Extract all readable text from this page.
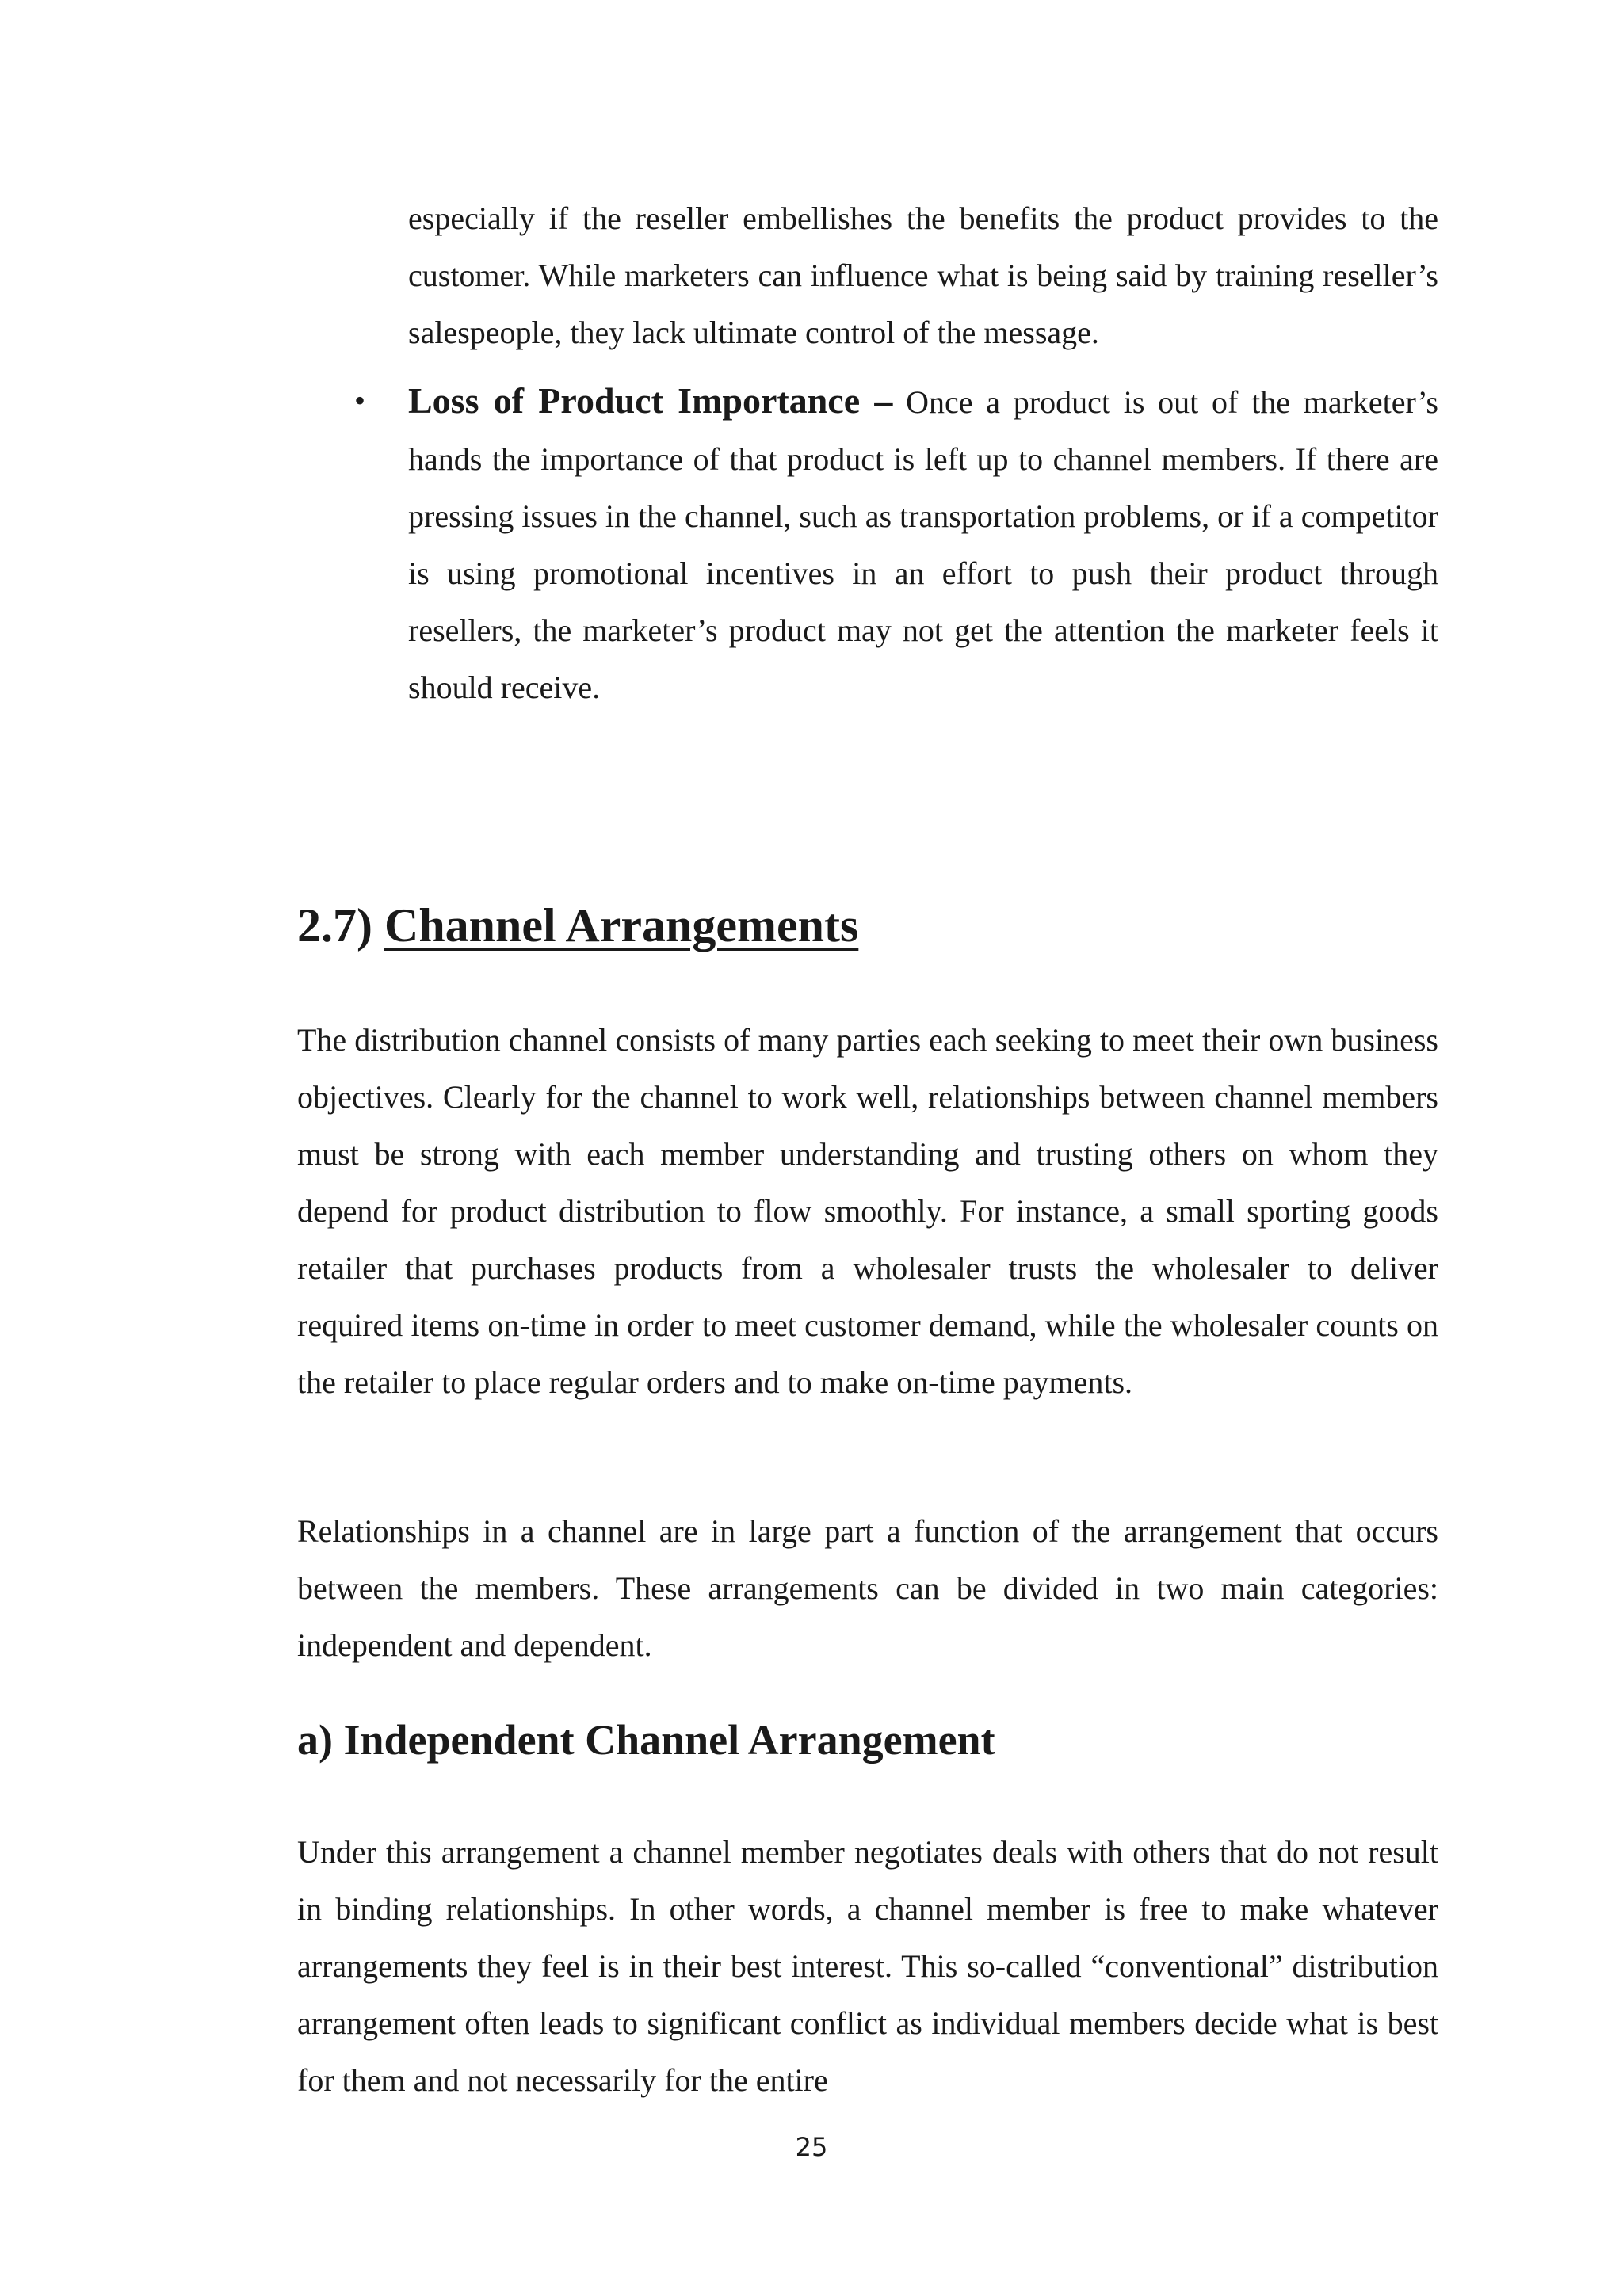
especially if the reseller embellishes the benefits the product provides to the customer. While marketers can influence what is being said by training reseller’s salespeople, they lack ultimate control of the message.

• Loss of Product Importance – Once a product is out of the marketer’s hands the importance of that product is left up to channel members. If there are pressing issues in the channel, such as transportation problems, or if a competitor is using promotional incentives in an effort to push their product through resellers, the marketer’s product may not get the attention the marketer feels it should receive.

2.7) Channel Arrangements

The distribution channel consists of many parties each seeking to meet their own business objectives. Clearly for the channel to work well, relationships between channel members must be strong with each member understanding and trusting others on whom they depend for product distribution to flow smoothly. For instance, a small sporting goods retailer that purchases products from a wholesaler trusts the wholesaler to deliver required items on-time in order to meet customer demand, while the wholesaler counts on the retailer to place regular orders and to make on-time payments.

Relationships in a channel are in large part a function of the arrangement that occurs between the members. These arrangements can be divided in two main categories: independent and dependent.

a) Independent Channel Arrangement

Under this arrangement a channel member negotiates deals with others that do not result in binding relationships. In other words, a channel member is free to make whatever arrangements they feel is in their best interest. This so-called “conventional” distribution arrangement often leads to significant conflict as individual members decide what is best for them and not necessarily for the entire

25
